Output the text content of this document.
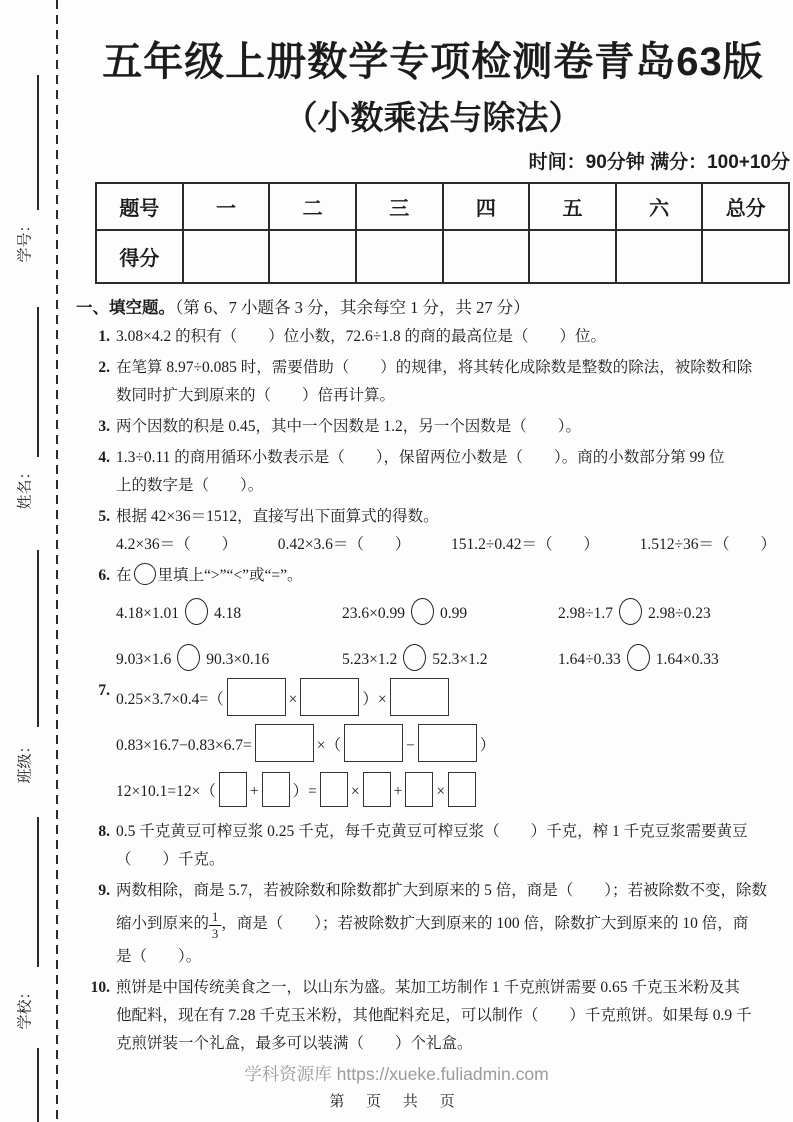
学号：
姓名：
班级：
学校：
五年级上册数学专项检测卷青岛63版
（小数乘法与除法）
时间：90分钟 满分：100+10分
题号	一	二	三	四	五	六	总分
得分							
一、填空题。（第 6、7 小题各 3 分，其余每空 1 分，共 27 分）
1. 3.08×4.2 的积有（　　）位小数，72.6÷1.8 的商的最高位是（　　）位。
2. 在笔算 8.97÷0.085 时，需要借助（　　）的规律，将其转化成除数是整数的除法，被除数和除
数同时扩大到原来的（　　）倍再计算。
3. 两个因数的积是 0.45，其中一个因数是 1.2，另一个因数是（　　）。
4. 1.3÷0.11 的商用循环小数表示是（　　），保留两位小数是（　　）。商的小数部分第 99 位
上的数字是（　　）。
5. 根据 42×36＝1512，直接写出下面算式的得数。
4.2×36＝（　　）	0.42×3.6＝（　　）	151.2÷0.42＝（　　）	1.512÷36＝（　　）
6. 在 里填上“>”“<”或“=”。
4.18×1.01 4.18	23.6×0.99 0.99	2.98÷1.7 2.98÷0.23
9.03×1.6 90.3×0.16	5.23×1.2 52.3×1.2	1.64÷0.33 1.64×0.33
7.
0.25×3.7×0.4=（	×	）×
0.83×16.7−0.83×6.7=	×（	−	）
12×10.1=12×（ + ）= × + ×
8. 0.5 千克黄豆可榨豆浆 0.25 千克，每千克黄豆可榨豆浆（　　）千克，榨 1 千克豆浆需要黄豆
（　　）千克。
9. 两数相除，商是 5.7，若被除数和除数都扩大到原来的 5 倍，商是（　　）；若被除数不变，除数
缩小到原来的 $\frac{1}{3}$ ，商是（　　）；若被除数扩大到原来的 100 倍，除数扩大到原来的 10 倍，商
是（　　）。
10. 煎饼是中国传统美食之一，以山东为盛。某加工坊制作 1 千克煎饼需要 0.65 千克玉米粉及其
他配料，现在有 7.28 千克玉米粉，其他配料充足，可以制作（　　）千克煎饼。如果每 0.9 千
克煎饼装一个礼盒，最多可以装满（　　）个礼盒。
学科资源库 https://xueke.fuliadmin.com
第 页 共 页
